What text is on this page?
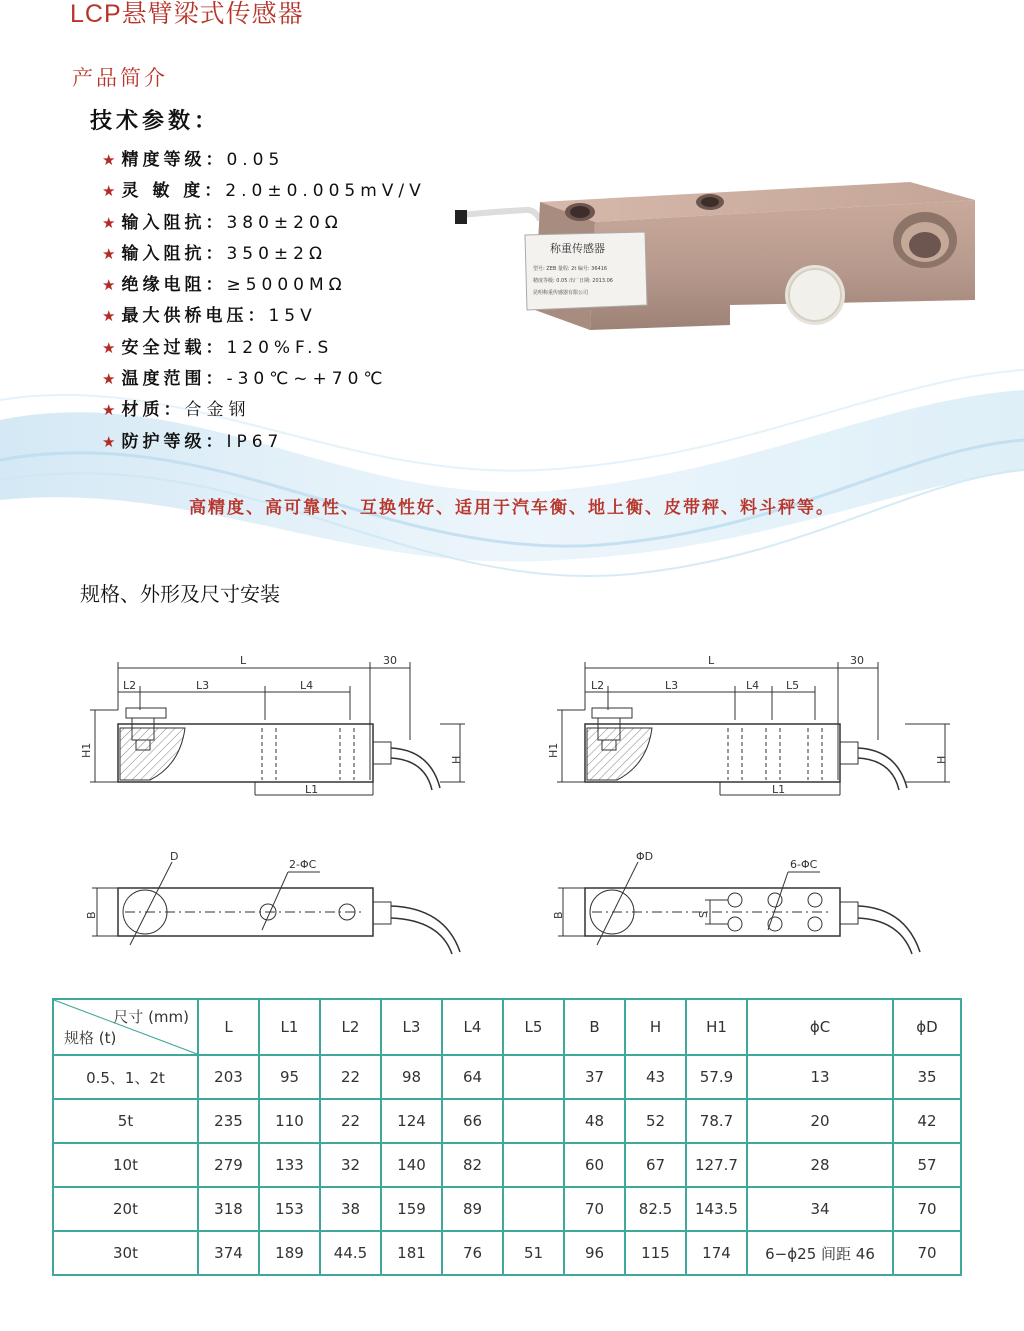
LCP悬臂梁式传感器
产品简介
技术参数：
★ 精度等级：0.05
★ 灵 敏 度：2.0±0.005mV/V
★ 输入阻抗：380±20Ω
★ 输入阻抗：350±2Ω
★ 绝缘电阻：≥5000MΩ
★ 最大供桥电压：15V
★ 安全过载：120%F.S
★ 温度范围：-30℃~+70℃
★ 材质：合金钢
★ 防护等级：IP67
称重传感器
型号: ZEB 量程: 2t 编号: 36416
精度等级: 0.05 出厂日期: 2013.06
昆明称重传感器有限公司
高精度、高可靠性、互换性好、适用于汽车衡、地上衡、皮带秤、料斗秤等。
规格、外形及尺寸安装
L	30
L2	L3	L4
L1
H1
H
L	30
L2	L3	L4 L5
L1
H1
H
D
2-ΦC
B
ΦD
6-ΦC
S
B
尺寸 (mm)
规格 (t)	L	L1	L2	L3	L4	L5	B	H	H1	ϕC	ϕD
0.5、1、2t	203	95	22	98	64		37	43	57.9	13	35
5t	235	110	22	124	66		48	52	78.7	20	42
10t	279	133	32	140	82		60	67	127.7	28	57
20t	318	153	38	159	89		70	82.5	143.5	34	70
30t	374	189	44.5	181	76	51	96	115	174	6−ϕ25 间距 46	70
